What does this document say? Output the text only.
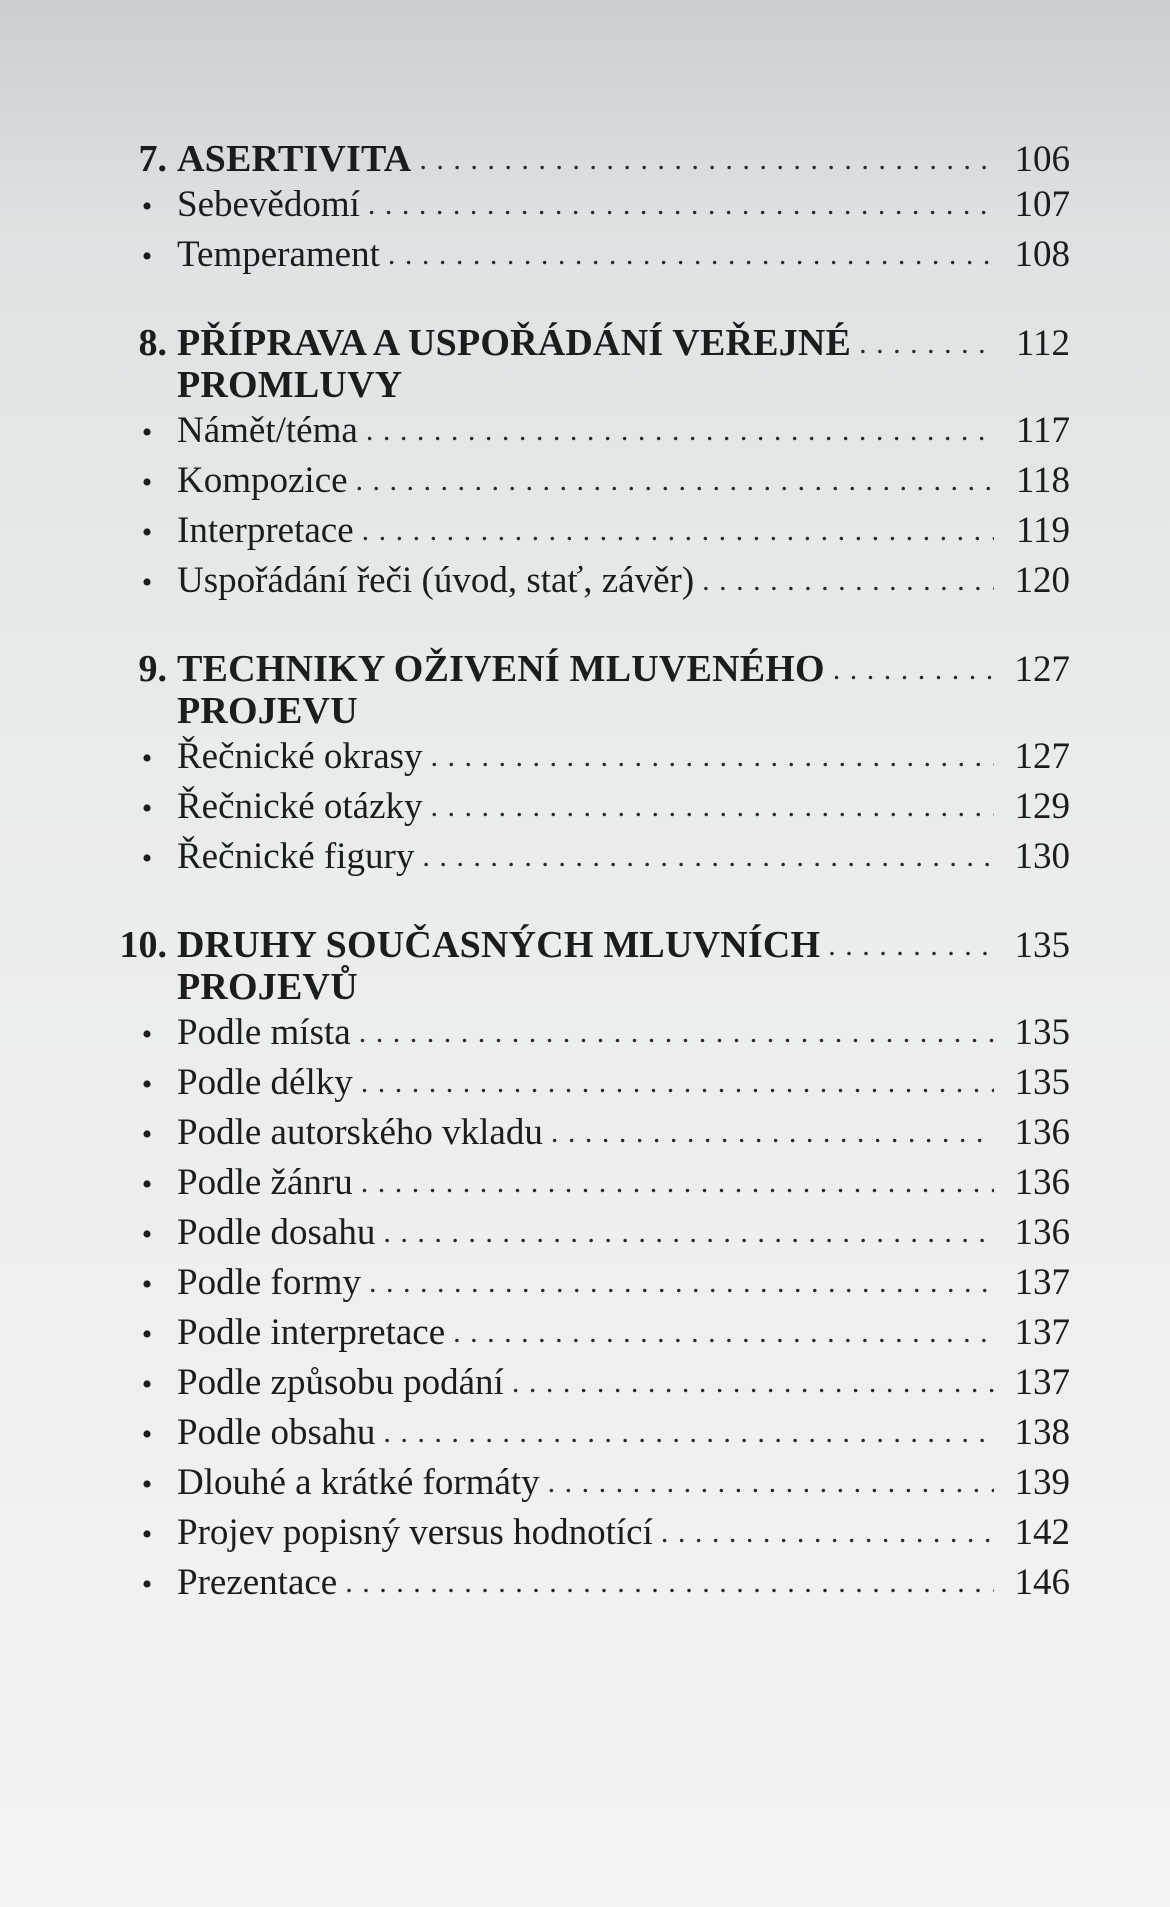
7. ASERTIVITA . . .	106
• Sebevědomí . . .	107
• Temperament . . .	108
8. PŘÍPRAVA A USPOŘÁDÁNÍ VEŘEJNÉ . . .	112
PROMLUVY
• Námět/téma . . .	117
• Kompozice . . .	118
• Interpretace . . .	119
• Uspořádání řeči (úvod, stať, závěr) . . .	120
9. TECHNIKY OŽIVENÍ MLUVENÉHO . . .	127
PROJEVU
• Řečnické okrasy . . .	127
• Řečnické otázky . . .	129
• Řečnické figury . . .	130
10. DRUHY SOUČASNÝCH MLUVNÍCH . . .	135
PROJEVŮ
• Podle místa . . .	135
• Podle délky . . .	135
• Podle autorského vkladu . . .	136
• Podle žánru . . .	136
• Podle dosahu . . .	136
• Podle formy . . .	137
• Podle interpretace . . .	137
• Podle způsobu podání . . .	137
• Podle obsahu . . .	138
• Dlouhé a krátké formáty . . .	139
• Projev popisný versus hodnotící . . .	142
• Prezentace . . .	146
